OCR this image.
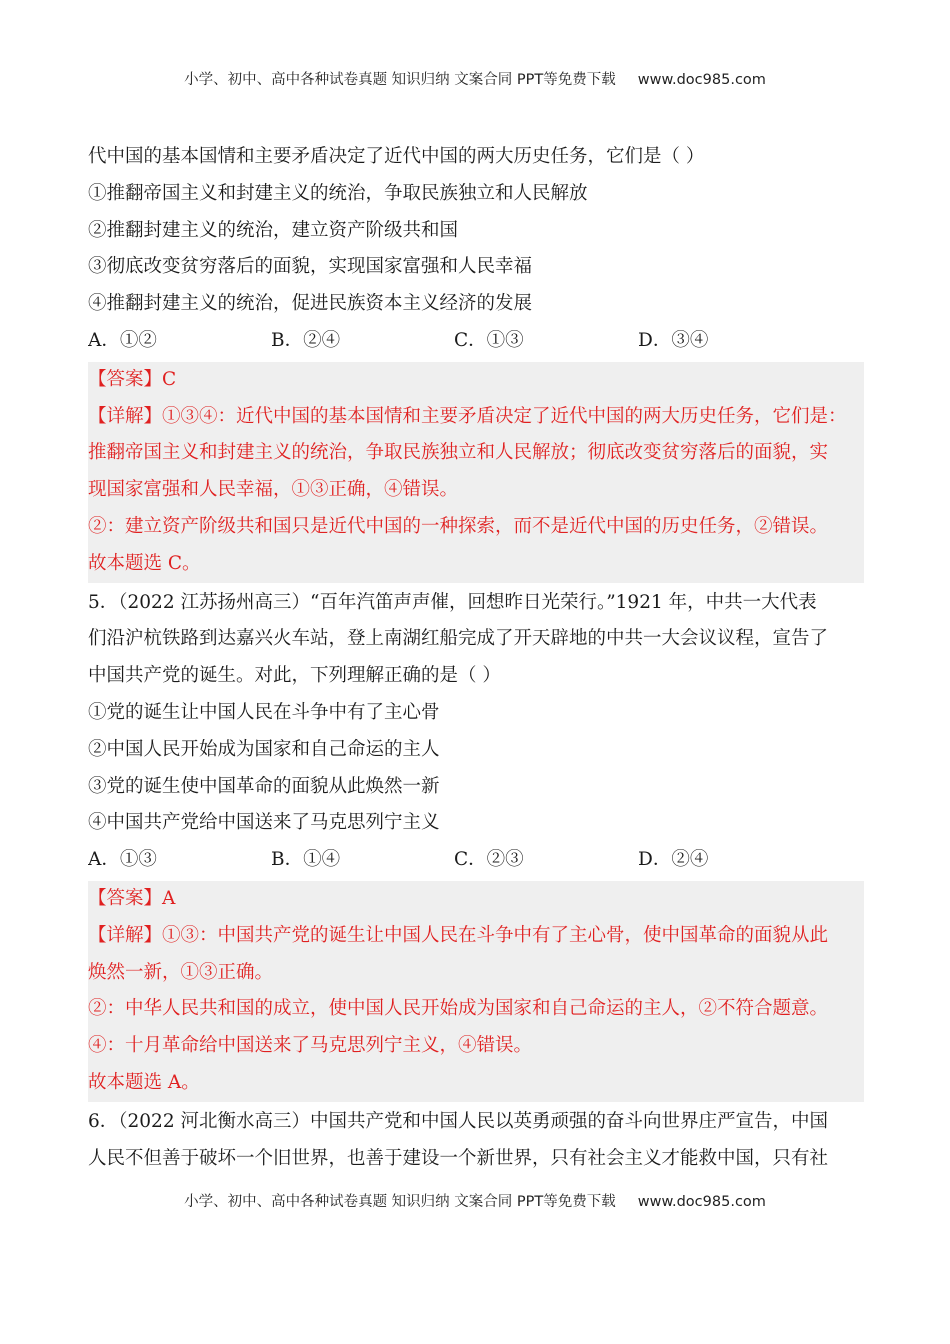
小学、初中、高中各种试卷真题 知识归纳 文案合同 PPT等免费下载 www.doc985.com
代中国的基本国情和主要矛盾决定了近代中国的两大历史任务，它们是（ ）
①推翻帝国主义和封建主义的统治，争取民族独立和人民解放
②推翻封建主义的统治，建立资产阶级共和国
③彻底改变贫穷落后的面貌，实现国家富强和人民幸福
④推翻封建主义的统治，促进民族资本主义经济的发展
A．①②	B．②④	C．①③	D．③④
【答案】C
【详解】①③④：近代中国的基本国情和主要矛盾决定了近代中国的两大历史任务，它们是：
推翻帝国主义和封建主义的统治，争取民族独立和人民解放；彻底改变贫穷落后的面貌，实
现国家富强和人民幸福，①③正确，④错误。
②：建立资产阶级共和国只是近代中国的一种探索，而不是近代中国的历史任务，②错误。
故本题选 C。
5．（2022 江苏扬州高三）“百年汽笛声声催，回想昨日光荣行。”1921 年，中共一大代表
们沿沪杭铁路到达嘉兴火车站，登上南湖红船完成了开天辟地的中共一大会议议程，宣告了
中国共产党的诞生。对此，下列理解正确的是（ ）
①党的诞生让中国人民在斗争中有了主心骨
②中国人民开始成为国家和自己命运的主人
③党的诞生使中国革命的面貌从此焕然一新
④中国共产党给中国送来了马克思列宁主义
A．①③	B．①④	C．②③	D．②④
【答案】A
【详解】①③：中国共产党的诞生让中国人民在斗争中有了主心骨，使中国革命的面貌从此
焕然一新，①③正确。
②：中华人民共和国的成立，使中国人民开始成为国家和自己命运的主人，②不符合题意。
④：十月革命给中国送来了马克思列宁主义，④错误。
故本题选 A。
6．（2022 河北衡水高三）中国共产党和中国人民以英勇顽强的奋斗向世界庄严宣告，中国
人民不但善于破坏一个旧世界，也善于建设一个新世界，只有社会主义才能救中国，只有社
小学、初中、高中各种试卷真题 知识归纳 文案合同 PPT等免费下载 www.doc985.com
